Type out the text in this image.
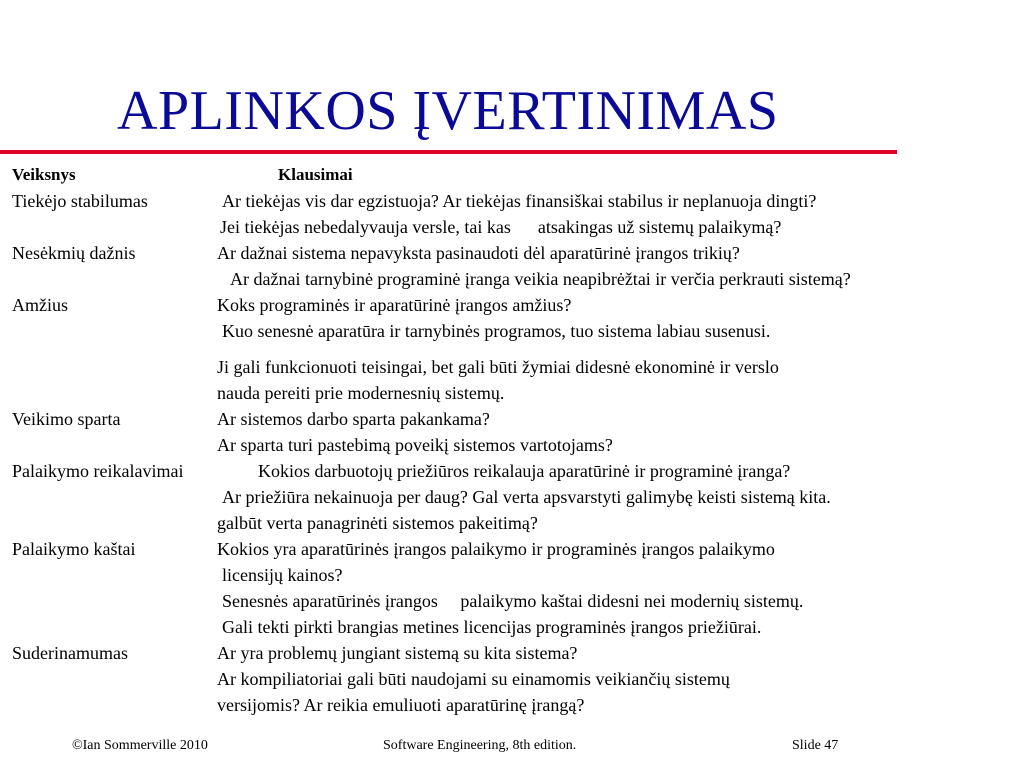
APLINKOS ĮVERTINIMAS
Veiksnys	Klausimai
Tiekėjo stabilumas	Ar tiekėjas vis dar egzistuoja? Ar tiekėjas finansiškai stabilus ir neplanuoja dingti?
Jei tiekėjas nebedalyvauja versle, tai kas      atsakingas už sistemų palaikymą?
Nesėkmių dažnis	Ar dažnai sistema nepavyksta pasinaudoti dėl aparatūrinė įrangos trikių?
Ar dažnai tarnybinė programinė įranga veikia neapibrėžtai ir verčia perkrauti sistemą?
Amžius	Koks programinės ir aparatūrinė įrangos amžius?
Kuo senesnė aparatūra ir tarnybinės programos, tuo sistema labiau susenusi.
Ji gali funkcionuoti teisingai, bet gali būti žymiai didesnė ekonominė ir verslo
nauda pereiti prie modernesnių sistemų.
Veikimo sparta	Ar sistemos darbo sparta pakankama?
Ar sparta turi pastebimą poveikį sistemos vartotojams?
Palaikymo reikalavimai	Kokios darbuotojų priežiūros reikalauja aparatūrinė ir programinė įranga?
Ar priežiūra nekainuoja per daug? Gal verta apsvarstyti galimybę keisti sistemą kita.
galbūt verta panagrinėti sistemos pakeitimą?
Palaikymo kaštai	Kokios yra aparatūrinės įrangos palaikymo ir programinės įrangos palaikymo
licensijų kainos?
Senesnės aparatūrinės įrangos     palaikymo kaštai didesni nei modernių sistemų.
Gali tekti pirkti brangias metines licencijas programinės įrangos priežiūrai.
Suderinamumas	Ar yra problemų jungiant sistemą su kita sistema?
Ar kompiliatoriai gali būti naudojami su einamomis veikiančių sistemų
versijomis? Ar reikia emuliuoti aparatūrinę įrangą?
©Ian Sommerville 2010	Software Engineering, 8th edition.	Slide 47
